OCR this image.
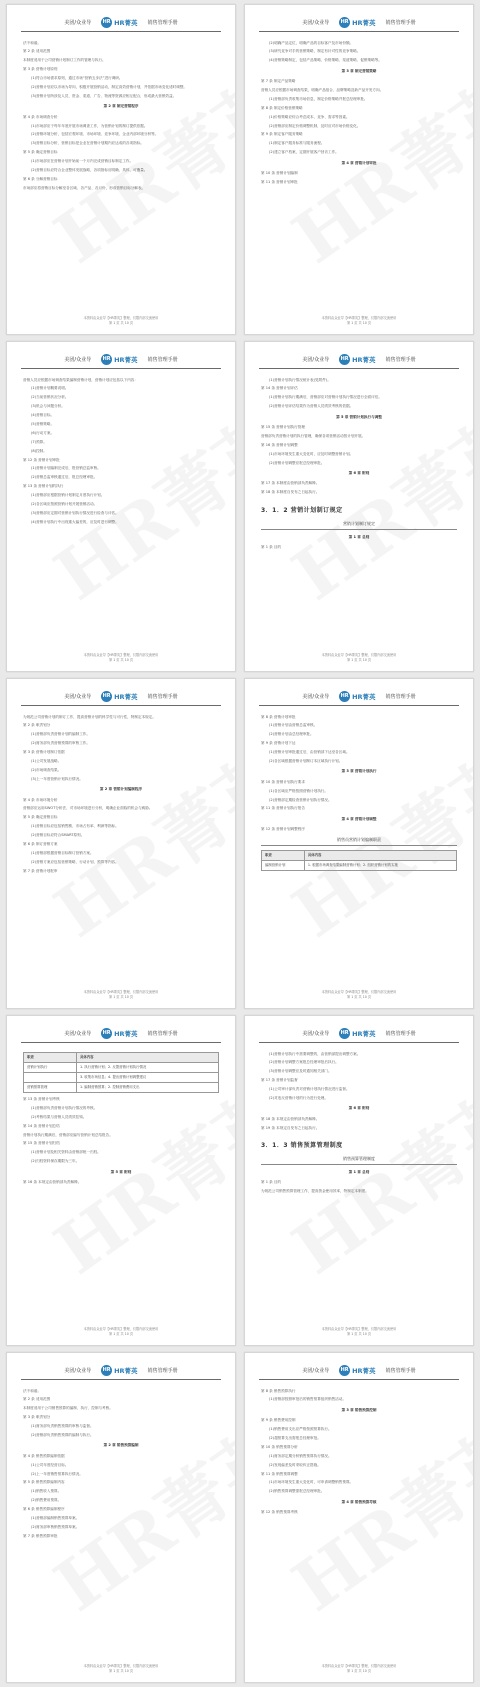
美团/众业导 HR HR菁英 销售管理手册
法不和谐。
第 2 条 适用范围
本制度适用于公司营销计划制订工作的管理与执行。
第 3 条 营销计划原则
(1)符合市场需求原则，通过市场“营销五步法”进行调研。
(2)营销计划应以市场为导向，积极开展营销活动，制定高效营销计划，并依据市场变化适时调整。
(3)营销计划所涉及人员、资金、渠道、广告、物流等资源应相互配合，形成最大营销效益。
第 2 章 制定营销程序
第 4 条 市场调查分析
(1)市场部应于每年年底开展市场调查工作，为营销计划的制订提供依据。
(2)营销环境分析，包括宏观环境、市场环境、竞争环境、企业内部环境分析等。
(3)营销目标分析，营销目标是企业在营销计划期内应达成的各项指标。
第 5 条 确定营销目标
(1)市场部应在营销计划开始前一个月内完成营销目标制定工作。
(2)营销目标应符合企业整体发展战略，各项指标应明确、具体、可衡量。
第 6 条 分解营销目标
市场部应将营销目标分解至各区域、各产品、各月份，形成营销目标分解表。
本资料由众业导【HR菁英】整理，仅限内部交流使用
第 1 页 共 10 页
美团/众业导 HR HR菁英 销售管理手册
(2)明确产品定位，明确产品的目标客户及市场份额。
(3)研究竞争对手的营销策略，制定有针对性的竞争策略。
(4)营销策略制定，包括产品策略、价格策略、渠道策略、促销策略等。
第 3 章 制定营销策略
第 7 条 制定产品策略
营销人员应根据市场调查结果，明确产品组合、品牌策略及新产品开发方向。
(1)营销部负责收集市场信息，制定价格策略并报总经理审批。
第 8 条 制定价格营销策略
(1)价格策略应综合考虑成本、竞争、需求等因素。
(2)营销部应制定价格调整机制，及时应对市场价格变化。
第 9 条 制定客户服务策略
(1)制定客户服务标准与服务流程。
(2)建立客户档案，定期开展客户回访工作。
第 4 章 营销计划审批
第 10 条 营销计划编制
第 11 条 营销计划审批
本资料由众业导【HR菁英】整理，仅限内部交流使用
第 1 页 共 10 页
美团/众业导 HR HR菁英 销售管理手册
营销人员应根据市场调查结果编制营销计划，营销计划应包括以下内容：
(1)营销计划概要说明。
(2)当前营销状况分析。
(3)机会与问题分析。
(4)营销目标。
(5)营销策略。
(6)行动方案。
(7)预算。
(8)控制。
第 12 条 营销计划审批
(1)营销计划编制完成后，报营销总监审核。
(2)营销总监审核通过后，报总经理审批。
第 13 条 营销计划的执行
(1)营销部应根据营销计划制定月度执行计划。
(2)各区域应按照营销计划开展营销活动。
(3)营销部应定期对营销计划执行情况进行检查与评估。
(4)营销计划执行中出现重大偏差的，应及时进行调整。
本资料由众业导【HR菁英】整理，仅限内部交流使用
第 1 页 共 10 页
美团/众业导 HR HR菁英 销售管理手册
(1)营销计划执行情况统计表(见附件)。
第 14 条 营销计划评估
(1)营销计划执行期满后，营销部应对营销计划执行情况进行全面评估。
(2)营销计划评估结果作为营销人员绩效考核的依据。
第 5 章 营销计划执行与调整
第 15 条 营销计划执行管理
营销部负责营销计划的执行管理，确保各项营销活动按计划开展。
第 16 条 营销计划调整
(1)市场环境发生重大变化时，应及时调整营销计划。
(2)营销计划调整应报总经理审批。
第 6 章 附则
第 17 条 本制度由营销部负责解释。
第 18 条 本制度自发布之日起执行。
3．1．2 营销计划制订规定
营销计划制订规定
第 1 章 总则
第 1 条 目的
本资料由众业导【HR菁英】整理，仅限内部交流使用
第 1 页 共 10 页
美团/众业导 HR HR菁英 销售管理手册
为规范公司营销计划的制订工作，提高营销计划的科学性与可行性，特制定本规定。
第 2 条 职责划分
(1)营销部负责营销计划的编制工作。
(2)财务部负责营销预算的审核工作。
第 3 条 营销计划制订依据
(1)公司发展战略。
(2)市场调查结果。
(3)上一年度营销计划执行情况。
第 2 章 营销计划编制程序
第 4 条 市场环境分析
营销部应运用SWOT分析法，对市场环境进行分析，明确企业面临的机会与威胁。
第 5 条 确定营销目标
(1)营销目标应包括销售额、市场占有率、利润等指标。
(2)营销目标应符合SMART原则。
第 6 条 制订营销方案
(1)营销部根据营销目标制订营销方案。
(2)营销方案应包括营销策略、行动计划、预算等内容。
第 7 条 营销计划报审
本资料由众业导【HR菁英】整理，仅限内部交流使用
第 1 页 共 10 页
美团/众业导 HR HR菁英 销售管理手册
第 8 条 营销计划审批
(1)营销计划由营销总监审核。
(2)营销计划由总经理审批。
第 9 条 营销计划下达
(1)营销计划审批通过后，由营销部下达至各区域。
(2)各区域根据营销计划制订本区域执行计划。
第 3 章 营销计划执行
第 10 条 营销计划执行要求
(1)各区域应严格按照营销计划执行。
(2)营销部定期检查营销计划执行情况。
第 11 条 营销计划执行报告
第 4 章 营销计划调整
第 12 条 营销计划调整程序
销售员营销计划编制职责
职责	具体内容
编制营销计划	1. 根据市场调查结果编制营销计划；2. 组织营销计划的实施
本资料由众业导【HR菁英】整理，仅限内部交流使用
第 1 页 共 10 页
美团/众业导 HR HR菁英 销售管理手册
职责	具体内容
营销计划执行	1. 执行营销计划；2. 反馈营销计划执行情况
	3. 收集市场信息；4. 提出营销计划调整建议
营销预算管理	1. 编制营销预算；2. 控制营销费用支出
第 13 条 营销计划考核
(1)营销部负责营销计划执行情况的考核。
(2)考核结果与营销人员绩效挂钩。
第 14 条 营销计划总结
营销计划执行期满后，营销部应编写营销计划总结报告。
第 15 条 营销计划归档
(1)营销计划及相关资料由营销部统一归档。
(2)归档资料保存期限为三年。
第 5 章 附则
第 16 条 本规定由营销部负责解释。
本资料由众业导【HR菁英】整理，仅限内部交流使用
第 1 页 共 10 页
美团/众业导 HR HR菁英 销售管理手册
(1)营销计划执行中需要调整的，由营销部提出调整方案。
(2)营销计划调整方案报总经理审批后执行。
(3)营销计划调整应及时通知相关部门。
第 17 条 营销计划监督
(1)公司审计部负责对营销计划执行情况进行监督。
(2)对违反营销计划的行为进行处理。
第 6 章 附则
第 18 条 本规定由营销部负责解释。
第 19 条 本规定自发布之日起执行。
3．1．3 销售预算管理制度
销售预算管理制度
第 1 章 总则
第 1 条 目的
为规范公司销售预算管理工作，提高资金使用效率，特制定本制度。
本资料由众业导【HR菁英】整理，仅限内部交流使用
第 1 页 共 10 页
美团/众业导 HR HR菁英 销售管理手册
法不和谐。
第 2 条 适用范围
本制度适用于公司销售预算的编制、执行、控制与考核。
第 3 条 职责划分
(1)财务部负责销售预算的审核与监督。
(2)营销部负责销售预算的编制与执行。
第 2 章 销售预算编制
第 4 条 销售预算编制依据
(1)公司年度经营目标。
(2)上一年度销售预算执行情况。
第 5 条 销售预算编制内容
(1)销售收入预算。
(2)销售费用预算。
第 6 条 销售预算编制程序
(1)营销部编制销售预算草案。
(2)财务部审核销售预算草案。
第 7 条 销售预算审批
本资料由众业导【HR菁英】整理，仅限内部交流使用
第 1 页 共 10 页
美团/众业导 HR HR菁英 销售管理手册
第 8 条 销售预算执行
(1)营销部按照审批后的销售预算组织销售活动。
第 3 章 销售预算控制
第 9 条 销售费用控制
(1)销售费用支出应严格按照预算执行。
(2)超预算支出需报总经理审批。
第 10 条 销售预算分析
(1)财务部定期分析销售预算执行情况。
(2)发现偏差及时采取纠正措施。
第 11 条 销售预算调整
(1)市场环境发生重大变化时，可申请调整销售预算。
(2)销售预算调整需报总经理审批。
第 4 章 销售预算考核
第 12 条 销售预算考核
本资料由众业导【HR菁英】整理，仅限内部交流使用
第 1 页 共 10 页
